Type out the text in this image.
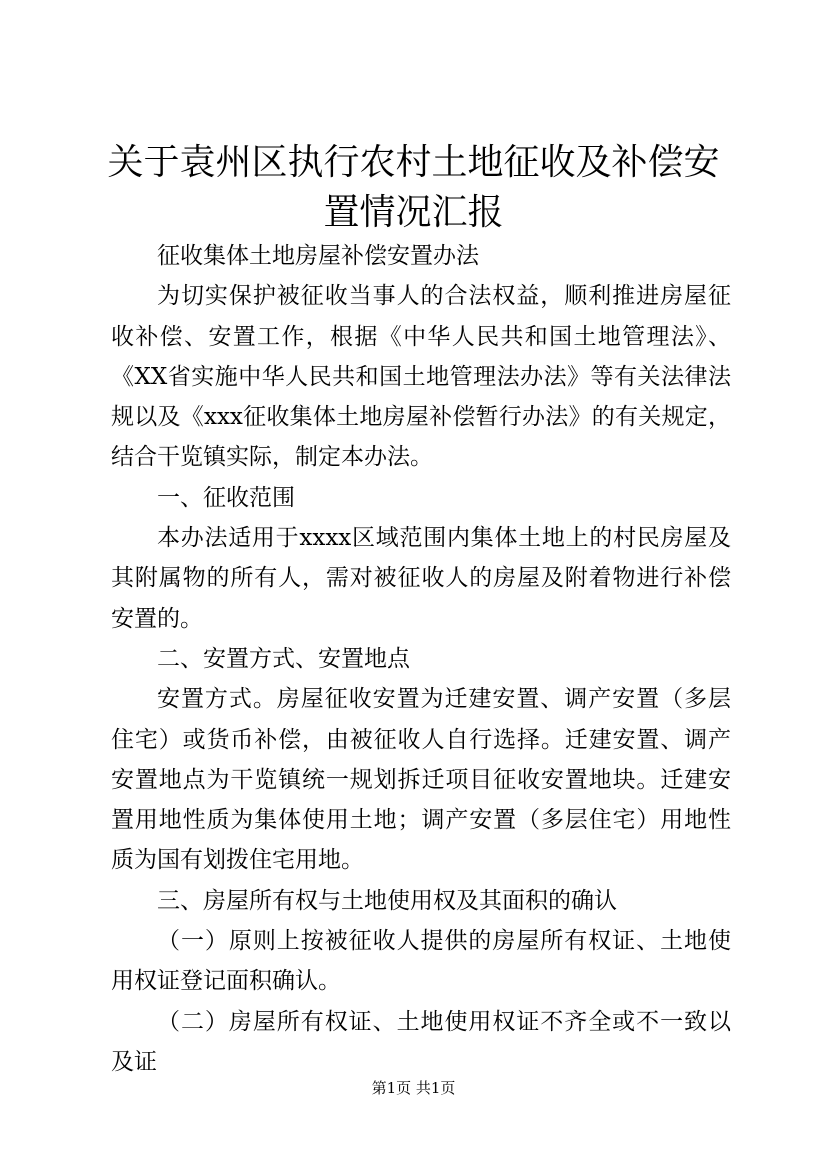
关于袁州区执行农村土地征收及补偿安置情况汇报

征收集体土地房屋补偿安置办法

为切实保护被征收当事人的合法权益，顺利推进房屋征收补偿、安置工作，根据《中华人民共和国土地管理法》、《XX省实施中华人民共和国土地管理法办法》等有关法律法规以及《xxx征收集体土地房屋补偿暂行办法》的有关规定，结合干览镇实际，制定本办法。

一、征收范围

本办法适用于xxxx区域范围内集体土地上的村民房屋及其附属物的所有人，需对被征收人的房屋及附着物进行补偿安置的。

二、安置方式、安置地点

安置方式。房屋征收安置为迁建安置、调产安置（多层住宅）或货币补偿，由被征收人自行选择。迁建安置、调产安置地点为干览镇统一规划拆迁项目征收安置地块。迁建安置用地性质为集体使用土地；调产安置（多层住宅）用地性质为国有划拨住宅用地。

三、房屋所有权与土地使用权及其面积的确认

（一）原则上按被征收人提供的房屋所有权证、土地使用权证登记面积确认。

（二）房屋所有权证、土地使用权证不齐全或不一致以及证

第1页 共1页
